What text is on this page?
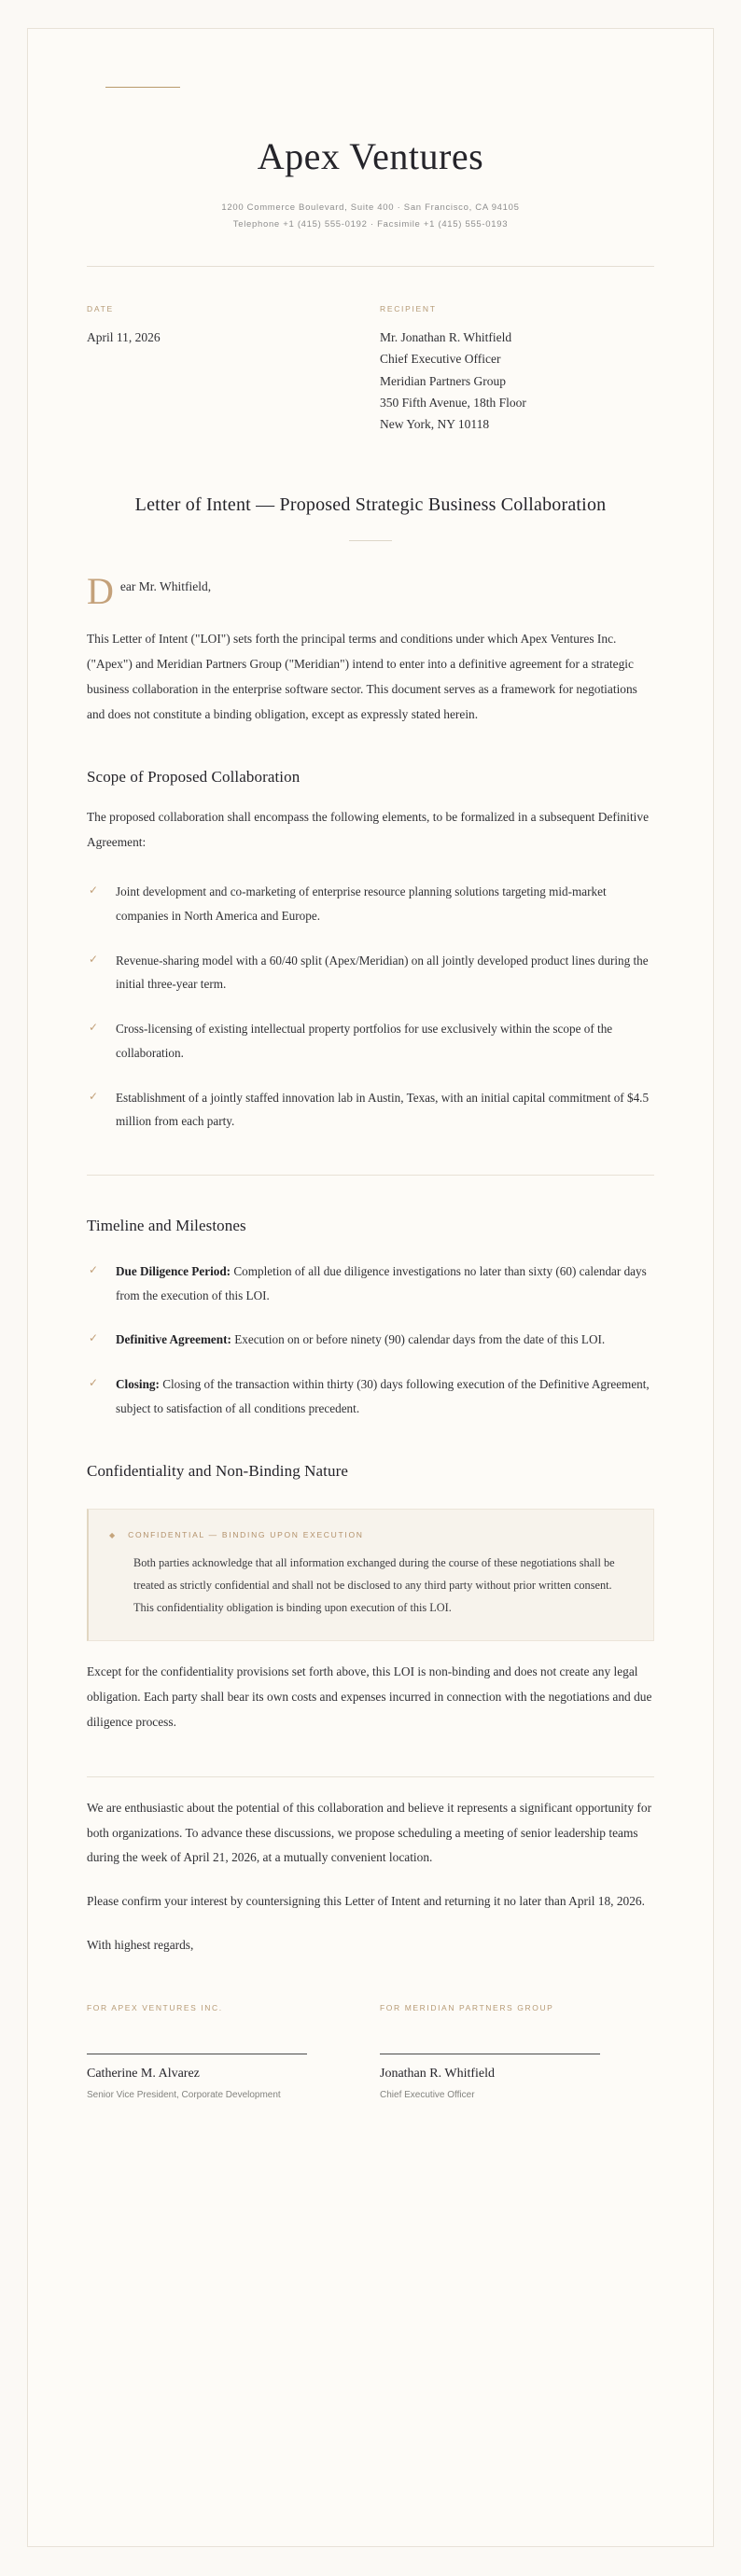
Apex Ventures
1200 Commerce Boulevard, Suite 400 · San Francisco, CA 94105
Telephone +1 (415) 555-0192 · Facsimile +1 (415) 555-0193
DATE
April 11, 2026
RECIPIENT
Mr. Jonathan R. Whitfield
Chief Executive Officer
Meridian Partners Group
350 Fifth Avenue, 18th Floor
New York, NY 10118
Letter of Intent — Proposed Strategic Business Collaboration
Dear Mr. Whitfield,

This Letter of Intent ("LOI") sets forth the principal terms and conditions under which Apex Ventures Inc. ("Apex") and Meridian Partners Group ("Meridian") intend to enter into a definitive agreement for a strategic business collaboration in the enterprise software sector. This document serves as a framework for negotiations and does not constitute a binding obligation, except as expressly stated herein.

Scope of Proposed Collaboration

The proposed collaboration shall encompass the following elements, to be formalized in a subsequent Definitive Agreement:

✓ Joint development and co-marketing of enterprise resource planning solutions targeting mid-market companies in North America and Europe.
✓ Revenue-sharing model with a 60/40 split (Apex/Meridian) on all jointly developed product lines during the initial three-year term.
✓ Cross-licensing of existing intellectual property portfolios for use exclusively within the scope of the collaboration.
✓ Establishment of a jointly staffed innovation lab in Austin, Texas, with an initial capital commitment of $4.5 million from each party.
Timeline and Milestones
✓ Due Diligence Period: Completion of all due diligence investigations no later than sixty (60) calendar days from the execution of this LOI.
✓ Definitive Agreement: Execution on or before ninety (90) calendar days from the date of this LOI.
✓ Closing: Closing of the transaction within thirty (30) days following execution of the Definitive Agreement, subject to satisfaction of all conditions precedent.
Confidentiality and Non-Binding Nature
◆ CONFIDENTIAL — BINDING UPON EXECUTION

Both parties acknowledge that all information exchanged during the course of these negotiations shall be treated as strictly confidential and shall not be disclosed to any third party without prior written consent. This confidentiality obligation is binding upon execution of this LOI.

Except for the confidentiality provisions set forth above, this LOI is non-binding and does not create any legal obligation. Each party shall bear its own costs and expenses incurred in connection with the negotiations and due diligence process.

We are enthusiastic about the potential of this collaboration and believe it represents a significant opportunity for both organizations. To advance these discussions, we propose scheduling a meeting of senior leadership teams during the week of April 21, 2026, at a mutually convenient location.

Please confirm your interest by countersigning this Letter of Intent and returning it no later than April 18, 2026.

With highest regards,

FOR APEX VENTURES INC.
Catherine M. Alvarez
Senior Vice President, Corporate Development
FOR MERIDIAN PARTNERS GROUP
Jonathan R. Whitfield
Chief Executive Officer
